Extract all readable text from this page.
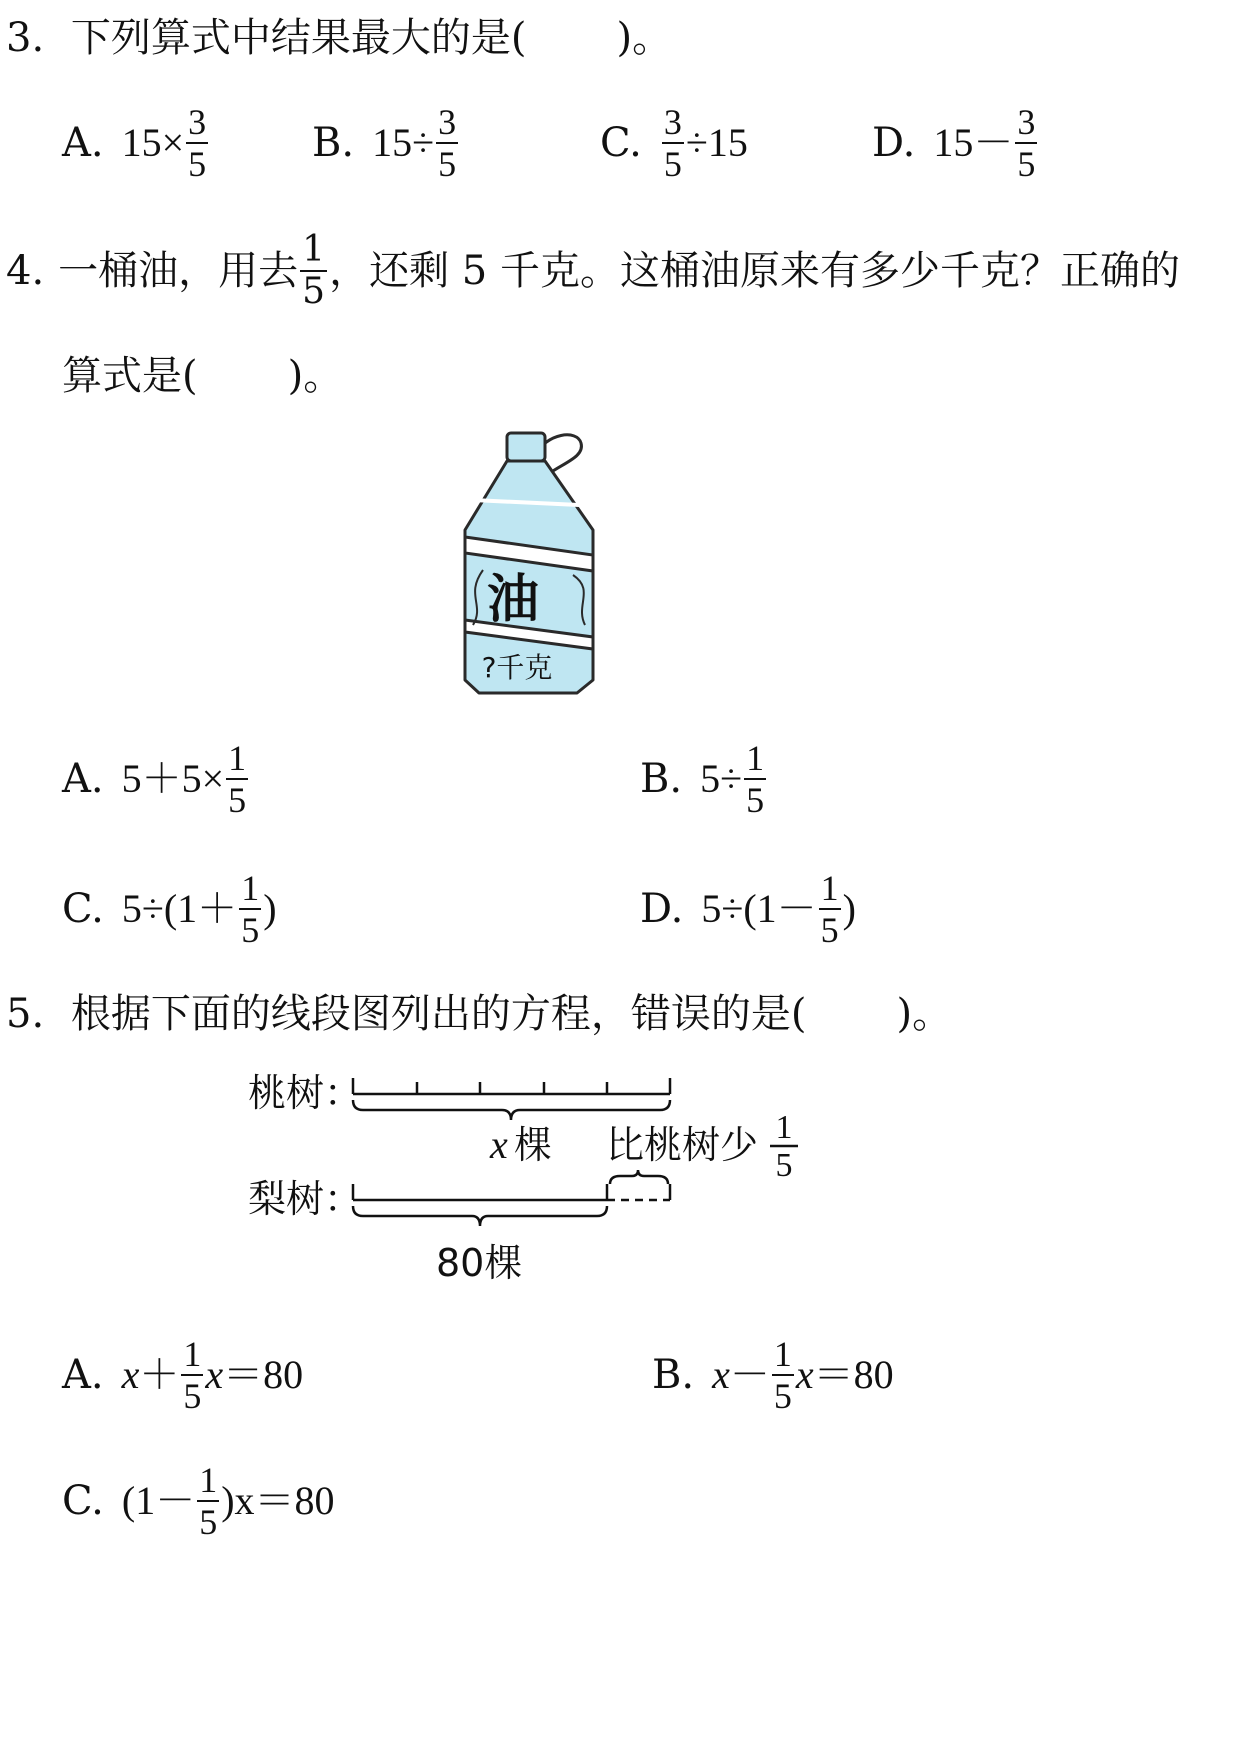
3. 下列算式中结果最大的是( )。
A. $15\times \frac{3}{5}$	B. $15\div \frac{3}{5}$	C. $\frac{3}{5} \div 15$	D. $15- \frac{3}{5}$
4. 一桶油，用去 $\frac{1}{5}$ ，还剩 5 千克。这桶油原来有多少千克？正确的
算式是( )。
油
?千克
A. $5+5\times \frac{1}{5}$	B. $5\div \frac{1}{5}$
C. $5\div(1+ \frac{1}{5}$ )	D. $5\div(1- \frac{1}{5}$ )
5. 根据下面的线段图列出的方程，错误的是( )。
桃树：
梨树：
x 棵 比桃树少 1
5
80棵
A. $x + \frac{1}{5}$ x ＝80	B. $x - \frac{1}{5}$ x ＝80
C. $(1- \frac{1}{5} )x=80$
